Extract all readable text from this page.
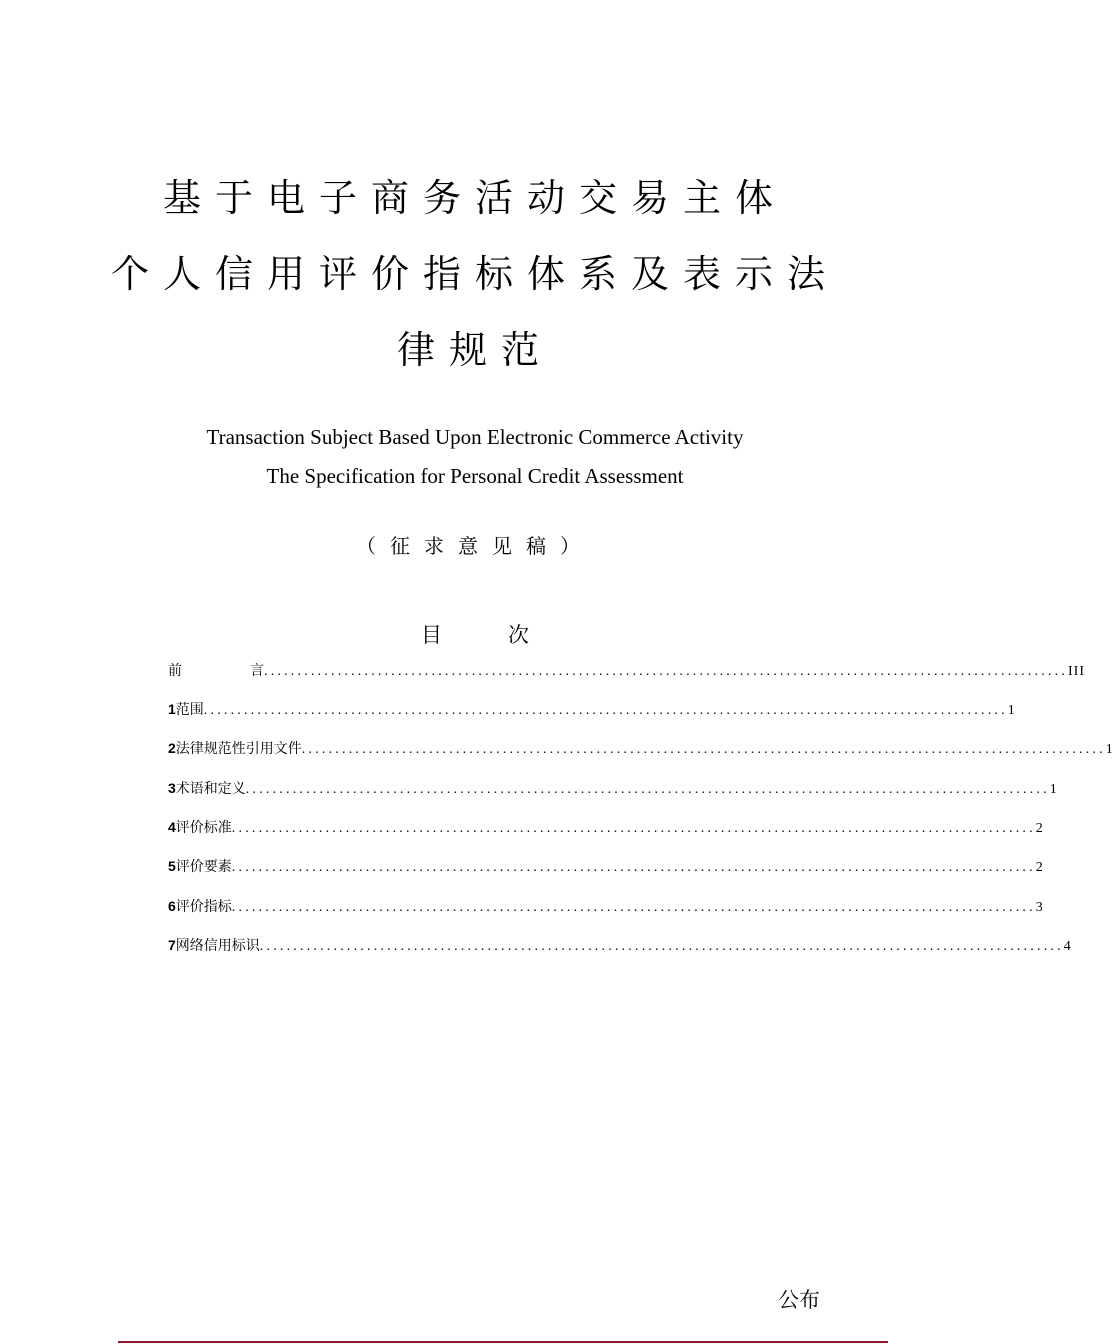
基于电子商务活动交易主体
个人信用评价指标体系及表示法
律规范
Transaction Subject Based Upon Electronic Commerce Activity
The Specification for Personal Credit Assessment
（征求意见稿）
目	次
前	言 ........................................................................................................................ III
1 范围 ........................................................................................................................ 1
2 法律规范性引用文件 ........................................................................................................................ 1
3 术语和定义 ........................................................................................................................ 1
4 评价标准 ........................................................................................................................ 2
5 评价要素 ........................................................................................................................ 2
6 评价指标 ........................................................................................................................ 3
7 网络信用标识 ........................................................................................................................ 4
公布
